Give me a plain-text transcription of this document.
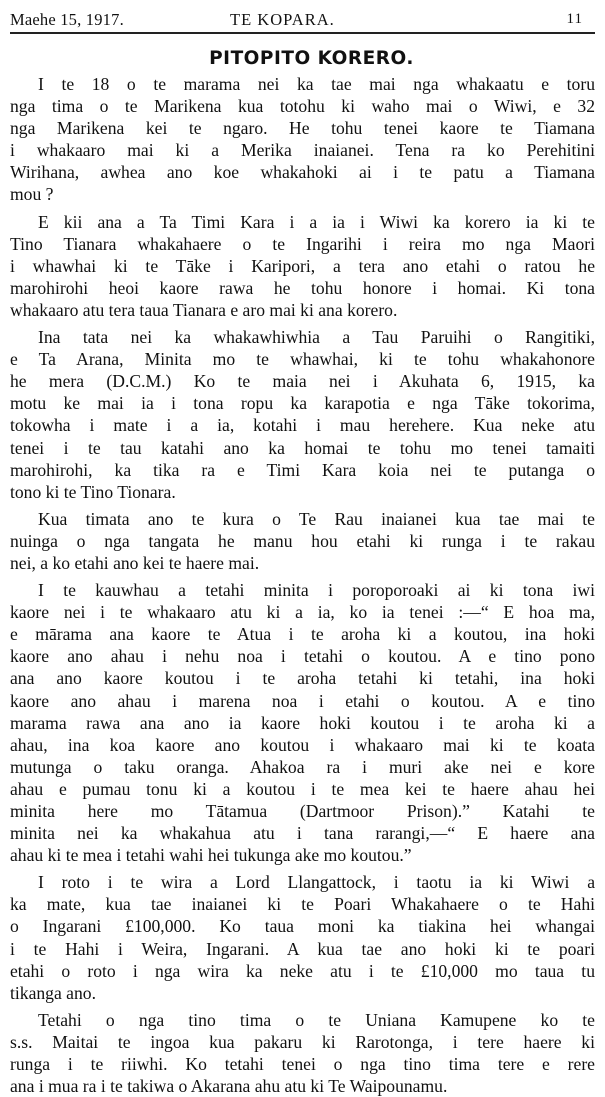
Maehe 15, 1917.	TE KOPARA.	11
PITOPITO KORERO.
I te 18 o te marama nei ka tae mai nga whakaatu e toru
nga tima o te Marikena kua totohu ki waho mai o Wiwi, e 32
nga Marikena kei te ngaro. He tohu tenei kaore te Tiamana
i whakaaro mai ki a Merika inaianei. Tena ra ko Perehitini
Wirihana, awhea ano koe whakahoki ai i te patu a Tiamana
mou ?
E kii ana a Ta Timi Kara i a ia i Wiwi ka korero ia ki te
Tino Tianara whakahaere o te Ingarihi i reira mo nga Maori
i whawhai ki te Tāke i Karipori, a tera ano etahi o ratou he
marohirohi heoi kaore rawa he tohu honore i homai. Ki tona
whakaaro atu tera taua Tianara e aro mai ki ana korero.
Ina tata nei ka whakawhiwhia a Tau Paruihi o Rangitiki,
e Ta Arana, Minita mo te whawhai, ki te tohu whakahonore
he mera (D.C.M.) Ko te maia nei i Akuhata 6, 1915, ka
motu ke mai ia i tona ropu ka karapotia e nga Tāke tokorima,
tokowha i mate i a ia, kotahi i mau herehere. Kua neke atu
tenei i te tau katahi ano ka homai te tohu mo tenei tamaiti
marohirohi, ka tika ra e Timi Kara koia nei te putanga o
tono ki te Tino Tionara.
Kua timata ano te kura o Te Rau inaianei kua tae mai te
nuinga o nga tangata he manu hou etahi ki runga i te rakau
nei, a ko etahi ano kei te haere mai.
I te kauwhau a tetahi minita i poroporoaki ai ki tona iwi
kaore nei i te whakaaro atu ki a ia, ko ia tenei :—“ E hoa ma,
e mārama ana kaore te Atua i te aroha ki a koutou, ina hoki
kaore ano ahau i nehu noa i tetahi o koutou. A e tino pono
ana ano kaore koutou i te aroha tetahi ki tetahi, ina hoki
kaore ano ahau i marena noa i etahi o koutou. A e tino
marama rawa ana ano ia kaore hoki koutou i te aroha ki a
ahau, ina koa kaore ano koutou i whakaaro mai ki te koata
mutunga o taku oranga. Ahakoa ra i muri ake nei e kore
ahau e pumau tonu ki a koutou i te mea kei te haere ahau hei
minita here mo Tātamua (Dartmoor Prison).” Katahi te
minita nei ka whakahua atu i tana rarangi,—“ E haere ana
ahau ki te mea i tetahi wahi hei tukunga ake mo koutou.”
I roto i te wira a Lord Llangattock, i taotu ia ki Wiwi a
ka mate, kua tae inaianei ki te Poari Whakahaere o te Hahi
o Ingarani £100,000. Ko taua moni ka tiakina hei whangai
i te Hahi i Weira, Ingarani. A kua tae ano hoki ki te poari
etahi o roto i nga wira ka neke atu i te £10,000 mo taua tu
tikanga ano.
Tetahi o nga tino tima o te Uniana Kamupene ko te
s.s. Maitai te ingoa kua pakaru ki Rarotonga, i tere haere ki
runga i te riiwhi. Ko tetahi tenei o nga tino tima tere e rere
ana i mua ra i te takiwa o Akarana ahu atu ki Te Waipounamu.
